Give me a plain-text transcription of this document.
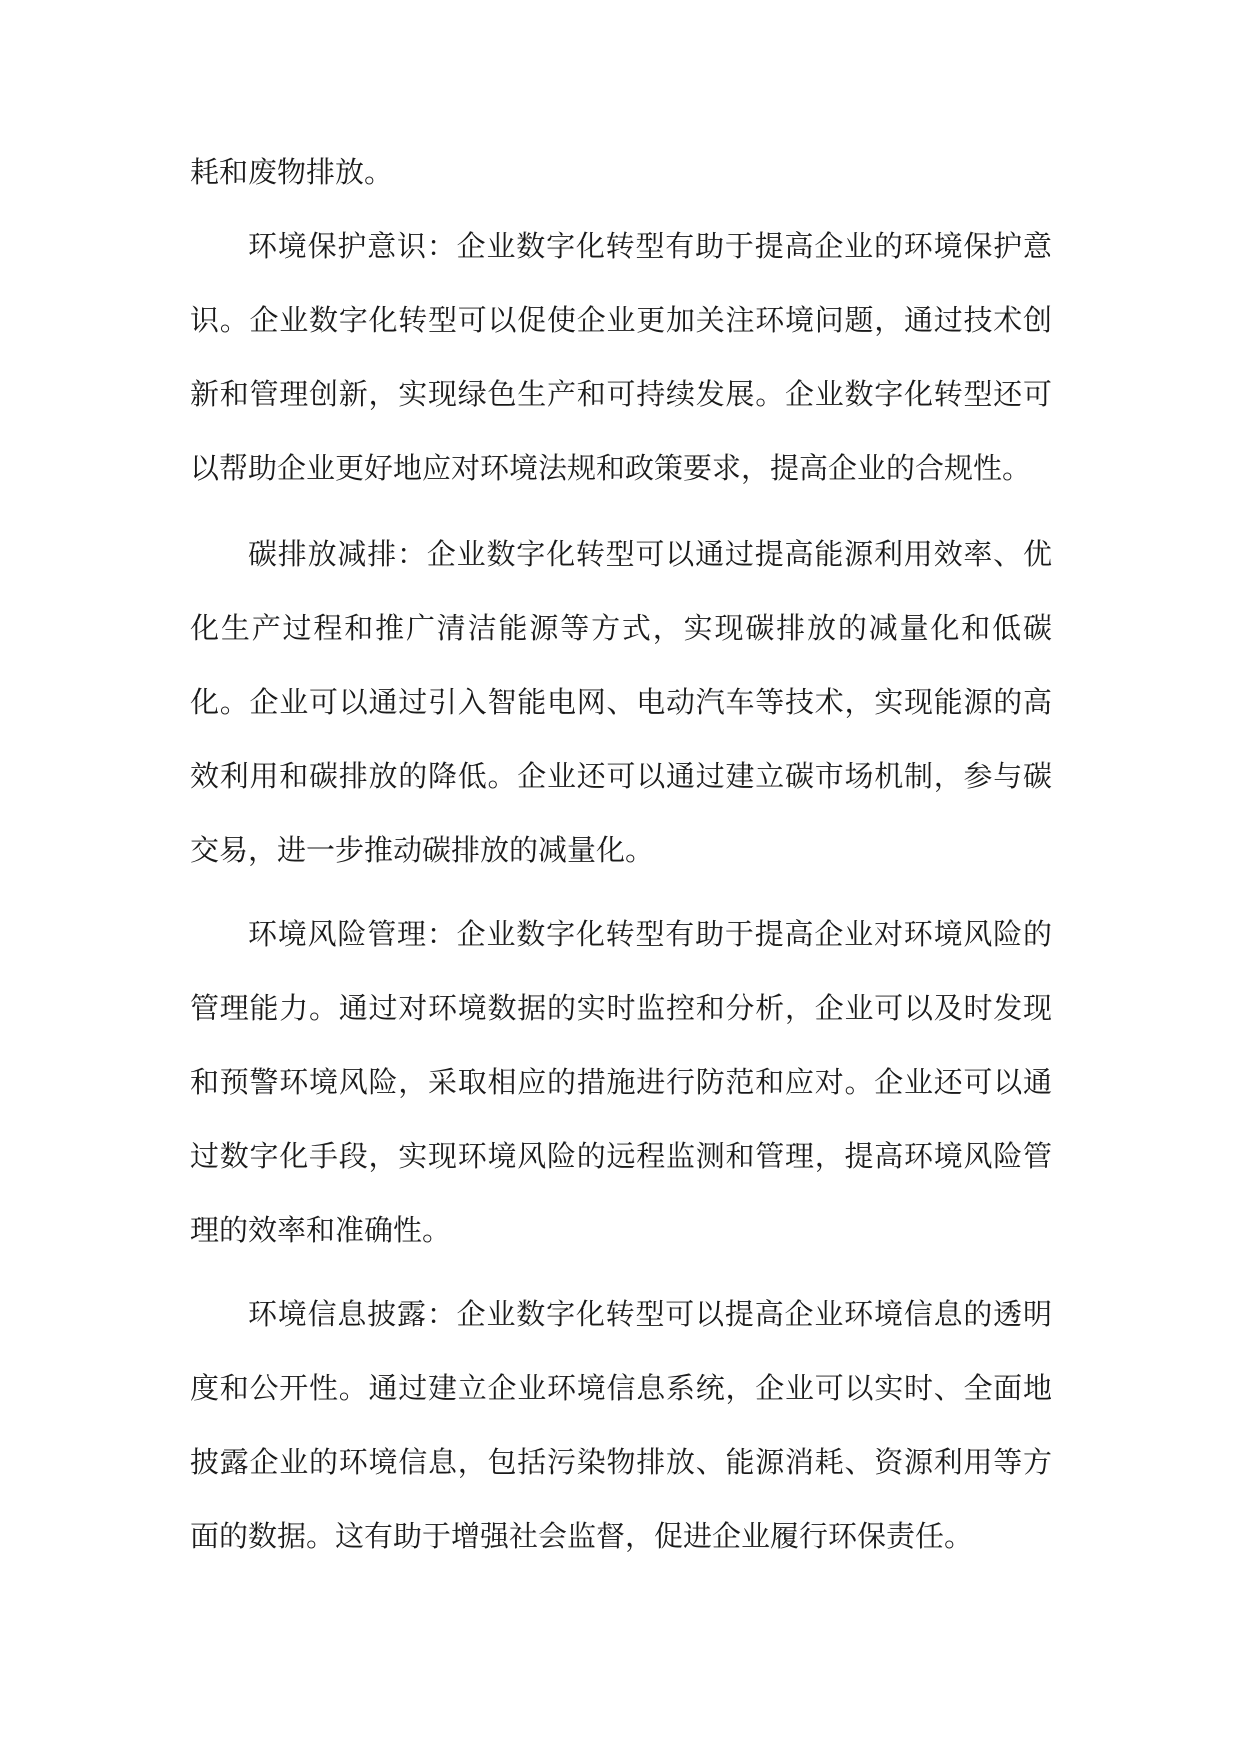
耗和废物排放。

环境保护意识：企业数字化转型有助于提高企业的环境保护意识。企业数字化转型可以促使企业更加关注环境问题，通过技术创新和管理创新，实现绿色生产和可持续发展。企业数字化转型还可以帮助企业更好地应对环境法规和政策要求，提高企业的合规性。

碳排放减排：企业数字化转型可以通过提高能源利用效率、优化生产过程和推广清洁能源等方式，实现碳排放的减量化和低碳化。企业可以通过引入智能电网、电动汽车等技术，实现能源的高效利用和碳排放的降低。企业还可以通过建立碳市场机制，参与碳交易，进一步推动碳排放的减量化。

环境风险管理：企业数字化转型有助于提高企业对环境风险的管理能力。通过对环境数据的实时监控和分析，企业可以及时发现和预警环境风险，采取相应的措施进行防范和应对。企业还可以通过数字化手段，实现环境风险的远程监测和管理，提高环境风险管理的效率和准确性。

环境信息披露：企业数字化转型可以提高企业环境信息的透明度和公开性。通过建立企业环境信息系统，企业可以实时、全面地披露企业的环境信息，包括污染物排放、能源消耗、资源利用等方面的数据。这有助于增强社会监督，促进企业履行环保责任。
